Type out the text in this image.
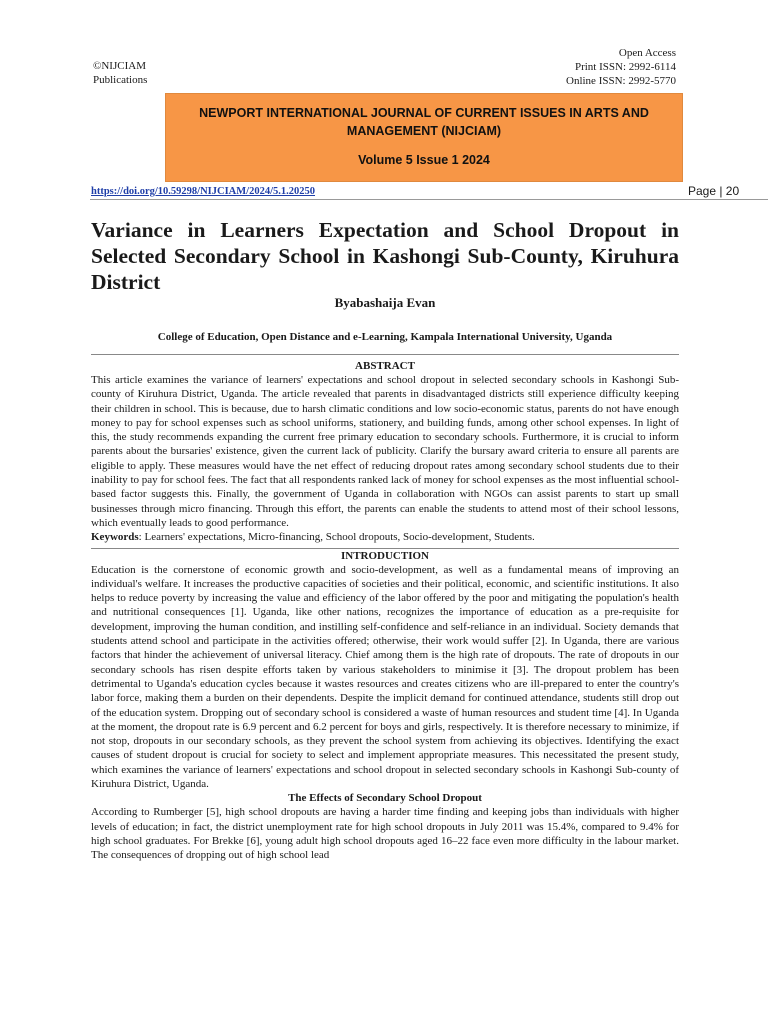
©NIJCIAM
Publications
Open Access
Print ISSN: 2992-6114
Online ISSN: 2992-5770
NEWPORT INTERNATIONAL JOURNAL OF CURRENT ISSUES IN ARTS AND MANAGEMENT (NIJCIAM)
Volume 5 Issue 1 2024
https://doi.org/10.59298/NIJCIAM/2024/5.1.20250	Page | 20
Variance in Learners Expectation and School Dropout in Selected Secondary School in Kashongi Sub-County, Kiruhura District
Byabashaija Evan
College of Education, Open Distance and e-Learning, Kampala International University, Uganda
ABSTRACT

This article examines the variance of learners' expectations and school dropout in selected secondary schools in Kashongi Sub-county of Kiruhura District, Uganda. The article revealed that parents in disadvantaged districts still experience difficulty keeping their children in school. This is because, due to harsh climatic conditions and low socio-economic status, parents do not have enough money to pay for school expenses such as school uniforms, stationery, and building funds, among other school expenses. In light of this, the study recommends expanding the current free primary education to secondary schools. Furthermore, it is crucial to inform parents about the bursaries' existence, given the current lack of publicity. Clarify the bursary award criteria to ensure all parents are eligible to apply. These measures would have the net effect of reducing dropout rates among secondary school students due to their inability to pay for school fees. The fact that all respondents ranked lack of money for school expenses as the most influential school-based factor suggests this. Finally, the government of Uganda in collaboration with NGOs can assist parents to start up small businesses through micro financing. Through this effort, the parents can enable the students to attend most of their school lessons, which eventually leads to good performance.

Keywords: Learners' expectations, Micro-financing, School dropouts, Socio-development, Students.

INTRODUCTION

Education is the cornerstone of economic growth and socio-development, as well as a fundamental means of improving an individual's welfare. It increases the productive capacities of societies and their political, economic, and scientific institutions. It also helps to reduce poverty by increasing the value and efficiency of the labor offered by the poor and mitigating the population's health and nutritional consequences [1]. Uganda, like other nations, recognizes the importance of education as a pre-requisite for development, improving the human condition, and instilling self-confidence and self-reliance in an individual. Society demands that students attend school and participate in the activities offered; otherwise, their work would suffer [2]. In Uganda, there are various factors that hinder the achievement of universal literacy. Chief among them is the high rate of dropouts. The rate of dropouts in our secondary schools has risen despite efforts taken by various stakeholders to minimise it [3]. The dropout problem has been detrimental to Uganda's education cycles because it wastes resources and creates citizens who are ill-prepared to enter the country's labor force, making them a burden on their dependents. Despite the implicit demand for continued attendance, students still drop out of the education system. Dropping out of secondary school is considered a waste of human resources and student time [4]. In Uganda at the moment, the dropout rate is 6.9 percent and 6.2 percent for boys and girls, respectively. It is therefore necessary to minimize, if not stop, dropouts in our secondary schools, as they prevent the school system from achieving its objectives. Identifying the exact causes of student dropout is crucial for society to select and implement appropriate measures. This necessitated the present study, which examines the variance of learners' expectations and school dropout in selected secondary schools in Kashongi Sub-county of Kiruhura District, Uganda.

The Effects of Secondary School Dropout

According to Rumberger [5], high school dropouts are having a harder time finding and keeping jobs than individuals with higher levels of education; in fact, the district unemployment rate for high school dropouts in July 2011 was 15.4%, compared to 9.4% for high school graduates. For Brekke [6], young adult high school dropouts aged 16–22 face even more difficulty in the labour market. The consequences of dropping out of high school lead
